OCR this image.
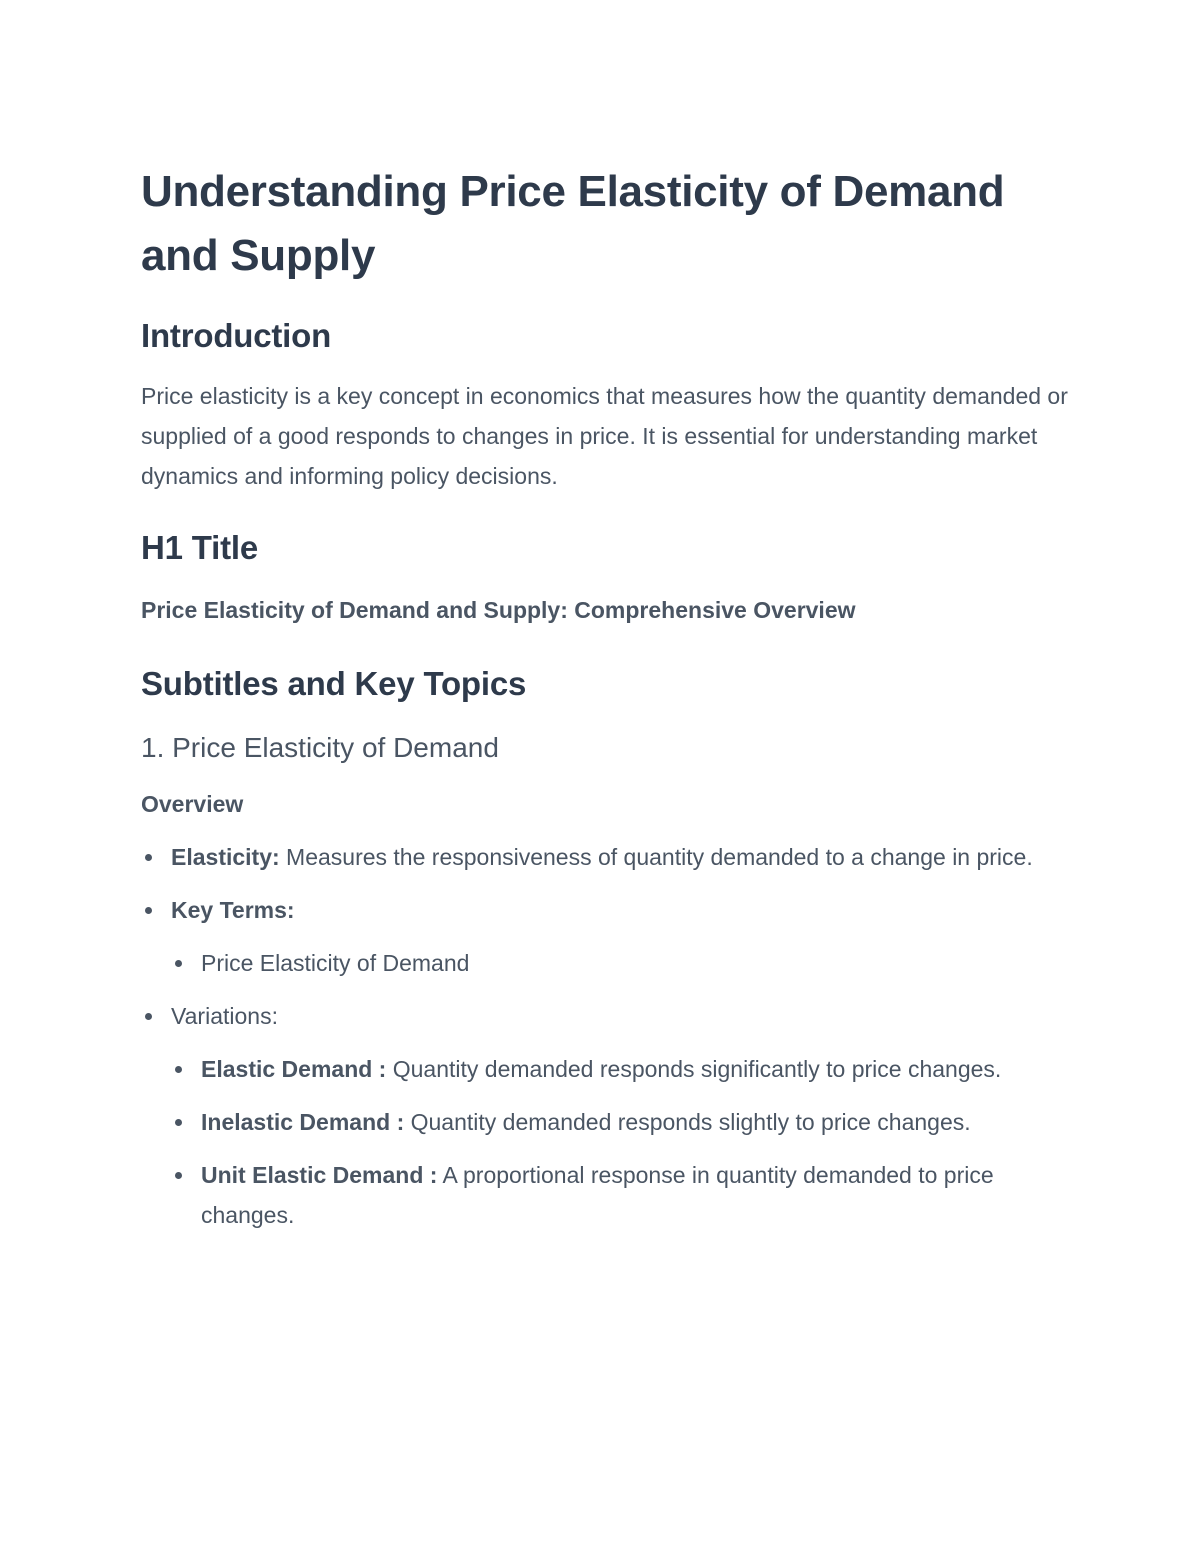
Understanding Price Elasticity of Demand and Supply
Introduction

Price elasticity is a key concept in economics that measures how the quantity demanded or supplied of a good responds to changes in price. It is essential for understanding market dynamics and informing policy decisions.

H1 Title

Price Elasticity of Demand and Supply: Comprehensive Overview

Subtitles and Key Topics
1. Price Elasticity of Demand
Overview
Elasticity: Measures the responsiveness of quantity demanded to a change in price.
Key Terms:
Price Elasticity of Demand
Variations:
Elastic Demand : Quantity demanded responds significantly to price changes.
Inelastic Demand : Quantity demanded responds slightly to price changes.
Unit Elastic Demand : A proportional response in quantity demanded to price changes.
